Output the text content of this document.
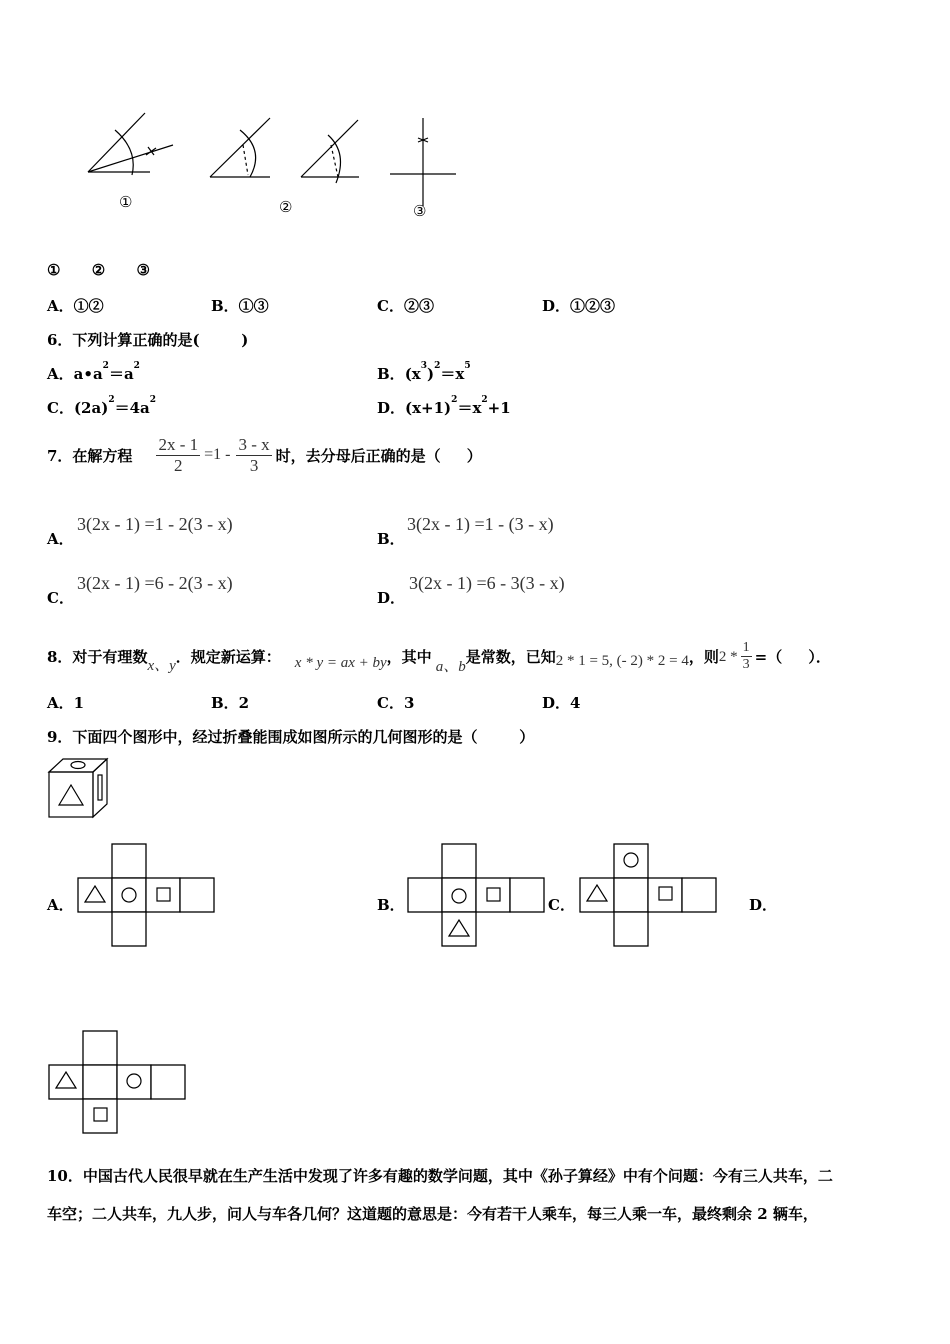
①	②	③
①      ②      ③
A．①②	B．①③	C．②③	D．①②③
6．下列计算正确的是(        )
A．$a•a^2=a^2$	B．$(x^3)^2=x^5$
C．$(2a)^2=4a^2$	D．$(x+1)^2=x^2+1$
7．在解方程 $\frac{2x - 1}{2} =1 - \frac{3 - x}{3}$ 时，去分母后正确的是（     ）
A．
3(2x - 1) =1 - 2(3 - x)
B．
3(2x - 1) =1 - (3 - x)
C．
3(2x - 1) =6 - 2(3 - x)
D．
3(2x - 1) =6 - 3(3 - x)
8．对于有理数 x、y ．规定新运算： x * y = ax + by ，其中
a、b
是常数，已知 2 * 1 = 5, (- 2) * 2 = 4 ，则 $2 * \frac{1}{3}$ =（     ）．
A．1	B．2	C．3	D．4
9．下面四个图形中，经过折叠能围成如图所示的几何图形的是（        ）
A．	B．	C．	D．
10．中国古代人民很早就在生产生活中发现了许多有趣的数学问题，其中《孙子算经》中有个问题：今有三人共车，二
车空；二人共车，九人步，问人与车各几何？这道题的意思是：今有若干人乘车，每三人乘一车，最终剩余 2 辆车，
